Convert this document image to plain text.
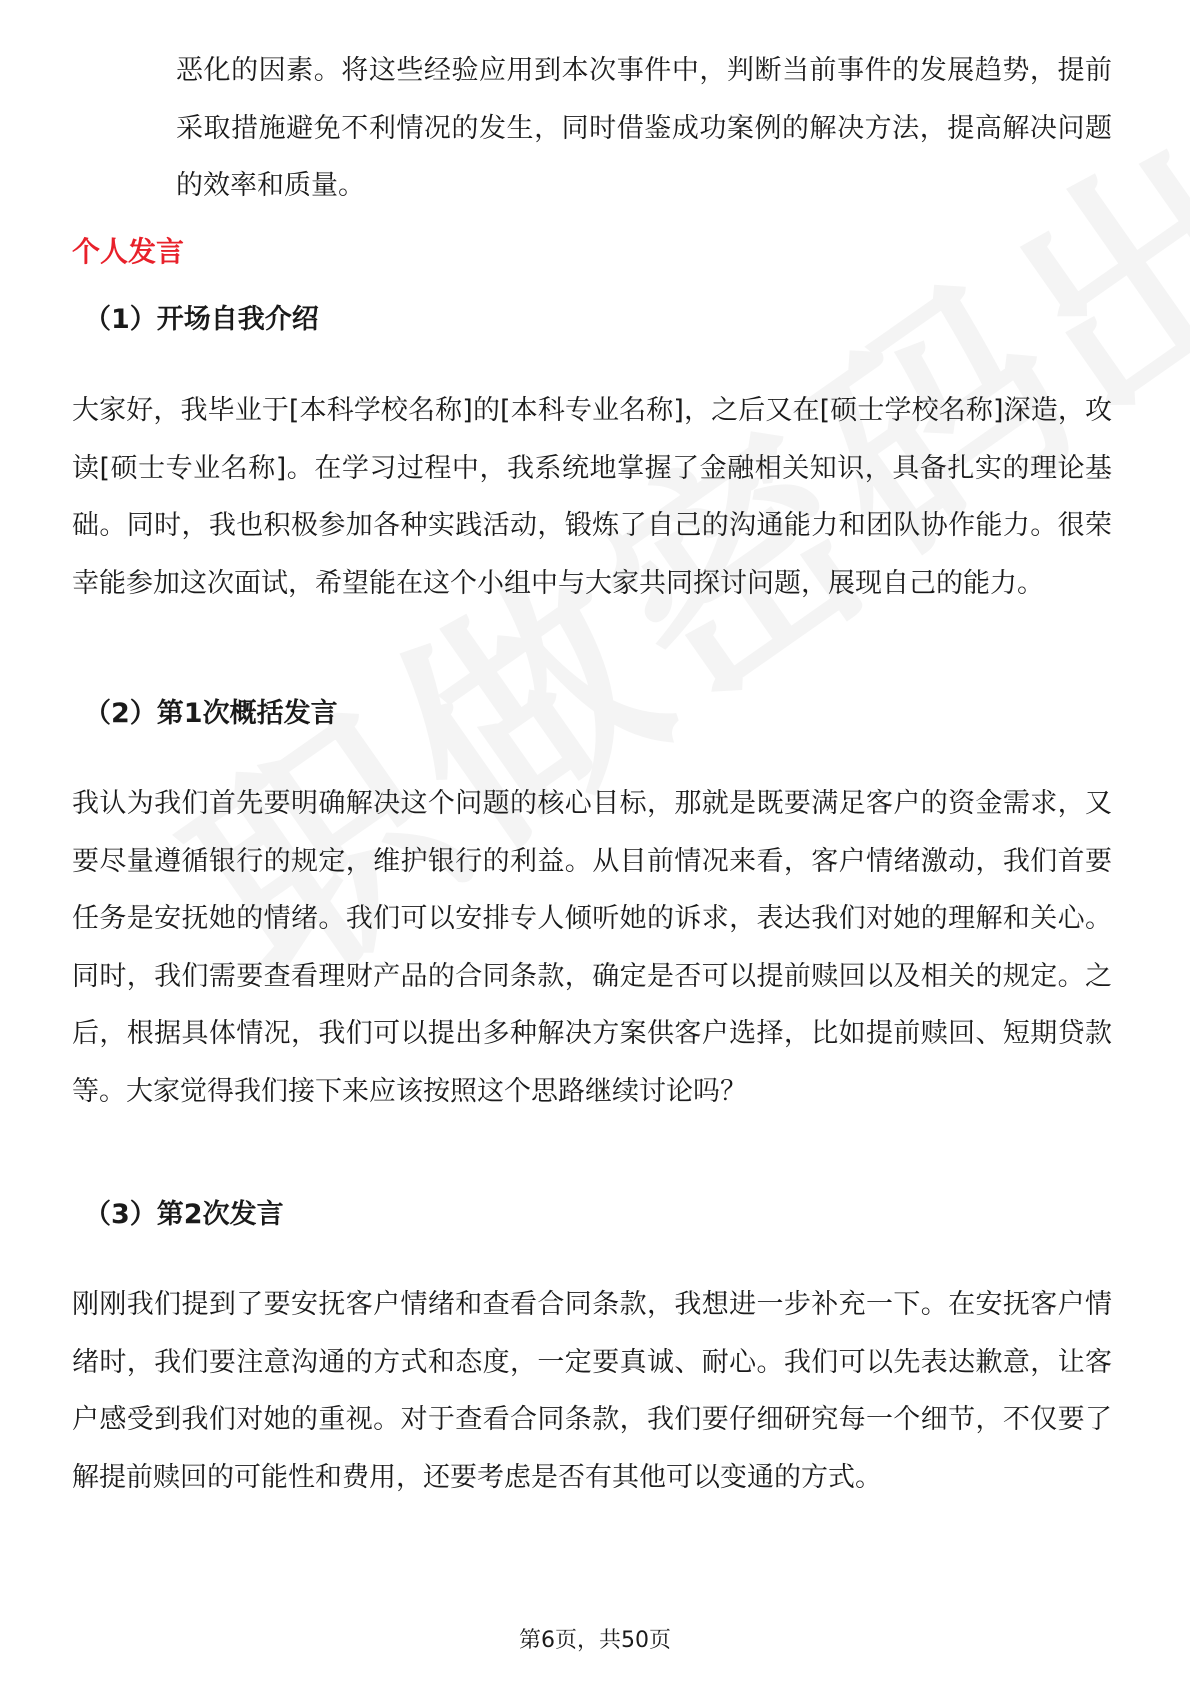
恶化的因素。将这些经验应用到本次事件中，判断当前事件的发展趋势，提前采取措施避免不利情况的发生，同时借鉴成功案例的解决方法，提高解决问题的效率和质量。

个人发言
（1）开场自我介绍

大家好，我毕业于[本科学校名称]的[本科专业名称]，之后又在[硕士学校名称]深造，攻读[硕士专业名称]。在学习过程中，我系统地掌握了金融相关知识，具备扎实的理论基础。同时，我也积极参加各种实践活动，锻炼了自己的沟通能力和团队协作能力。很荣幸能参加这次面试，希望能在这个小组中与大家共同探讨问题，展现自己的能力。

（2）第1次概括发言

我认为我们首先要明确解决这个问题的核心目标，那就是既要满足客户的资金需求，又要尽量遵循银行的规定，维护银行的利益。从目前情况来看，客户情绪激动，我们首要任务是安抚她的情绪。我们可以安排专人倾听她的诉求，表达我们对她的理解和关心。同时，我们需要查看理财产品的合同条款，确定是否可以提前赎回以及相关的规定。之后，根据具体情况，我们可以提出多种解决方案供客户选择，比如提前赎回、短期贷款等。大家觉得我们接下来应该按照这个思路继续讨论吗？

（3）第2次发言

刚刚我们提到了要安抚客户情绪和查看合同条款，我想进一步补充一下。在安抚客户情绪时，我们要注意沟通的方式和态度，一定要真诚、耐心。我们可以先表达歉意，让客户感受到我们对她的重视。对于查看合同条款，我们要仔细研究每一个细节，不仅要了解提前赎回的可能性和费用，还要考虑是否有其他可以变通的方式。

第6页，共50页
